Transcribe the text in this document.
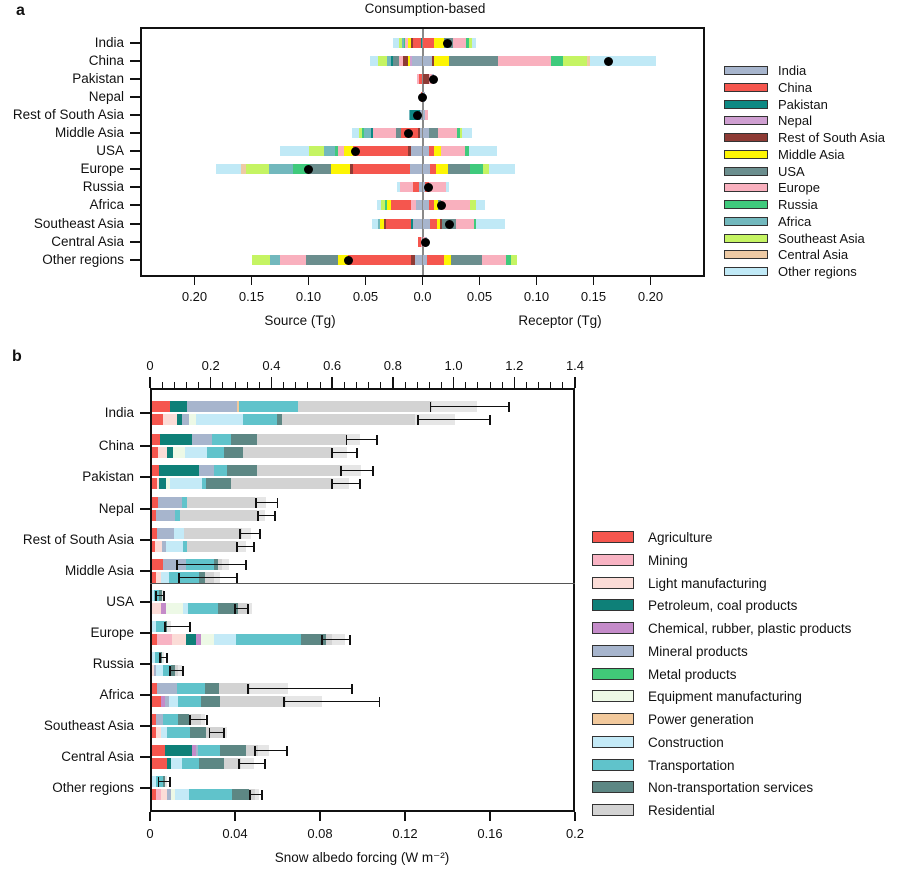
a	Consumption-based
0.20	0.15	0.10	0.05	0.0	0.05	0.10	0.15	0.20
India
China
Pakistan
Nepal
Rest of South Asia
Middle Asia
USA
Europe
Russia
Africa
Southeast Asia
Central Asia
Other regions
India
China
Pakistan
Nepal
Rest of South Asia
Middle Asia
USA
Europe
Russia
Africa
Southeast Asia
Central Asia
Other regions
Source (Tg)	Receptor (Tg)
b
0	0.2	0.4	0.6	0.8	1.0	1.2	1.4
0	0.04	0.08	0.12	0.16	0.2
India
China
Pakistan
Nepal
Rest of South Asia
Middle Asia
USA
Europe
Russia
Africa
Southeast Asia
Central Asia
Other regions
Agriculture
Mining
Light manufacturing
Petroleum, coal products
Chemical, rubber, plastic products
Mineral products
Metal products
Equipment manufacturing
Power generation
Construction
Transportation
Non-transportation services
Residential
Snow albedo forcing (W m⁻²)
